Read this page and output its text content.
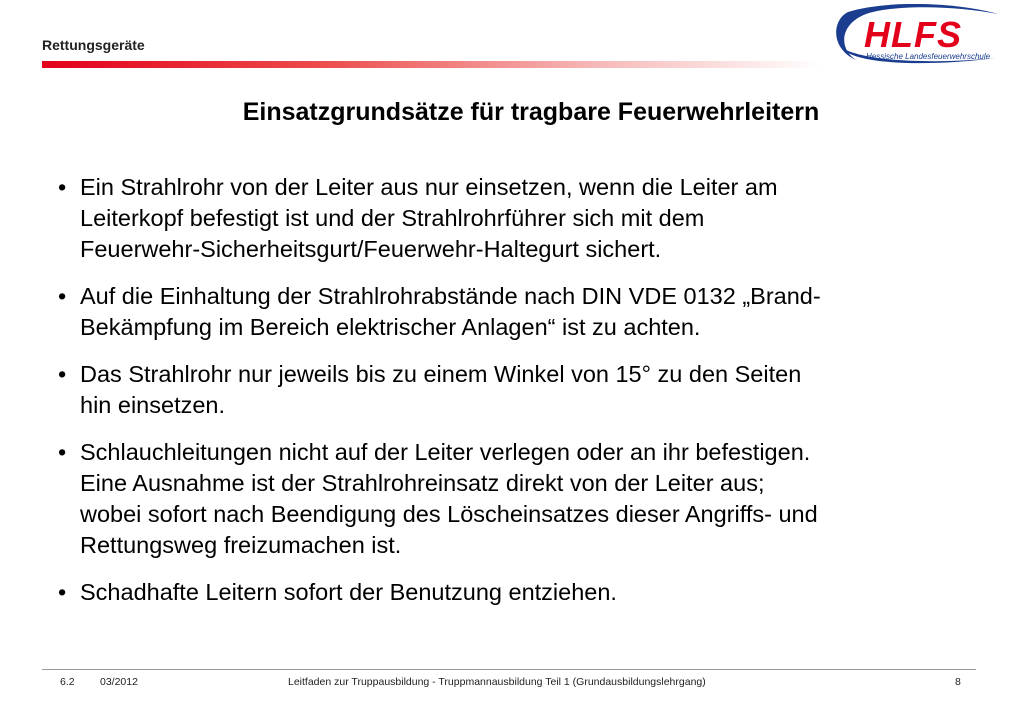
Rettungsgeräte	HLFS
Hessische Landesfeuerwehrschule
Einsatzgrundsätze für tragbare Feuerwehrleitern
• Ein Strahlrohr von der Leiter aus nur einsetzen, wenn die Leiter am
Leiterkopf befestigt ist und der Strahlrohrführer sich mit dem
Feuerwehr-Sicherheitsgurt/Feuerwehr-Haltegurt sichert.
• Auf die Einhaltung der Strahlrohrabstände nach DIN VDE 0132 „Brand-
Bekämpfung im Bereich elektrischer Anlagen“ ist zu achten.
• Das Strahlrohr nur jeweils bis zu einem Winkel von 15° zu den Seiten
hin einsetzen.
• Schlauchleitungen nicht auf der Leiter verlegen oder an ihr befestigen.
Eine Ausnahme ist der Strahlrohreinsatz direkt von der Leiter aus;
wobei sofort nach Beendigung des Löscheinsatzes dieser Angriffs- und
Rettungsweg freizumachen ist.
• Schadhafte Leitern sofort der Benutzung entziehen.
6.2 03/2012	Leitfaden zur Truppausbildung - Truppmannausbildung Teil 1 (Grundausbildungslehrgang)	8
